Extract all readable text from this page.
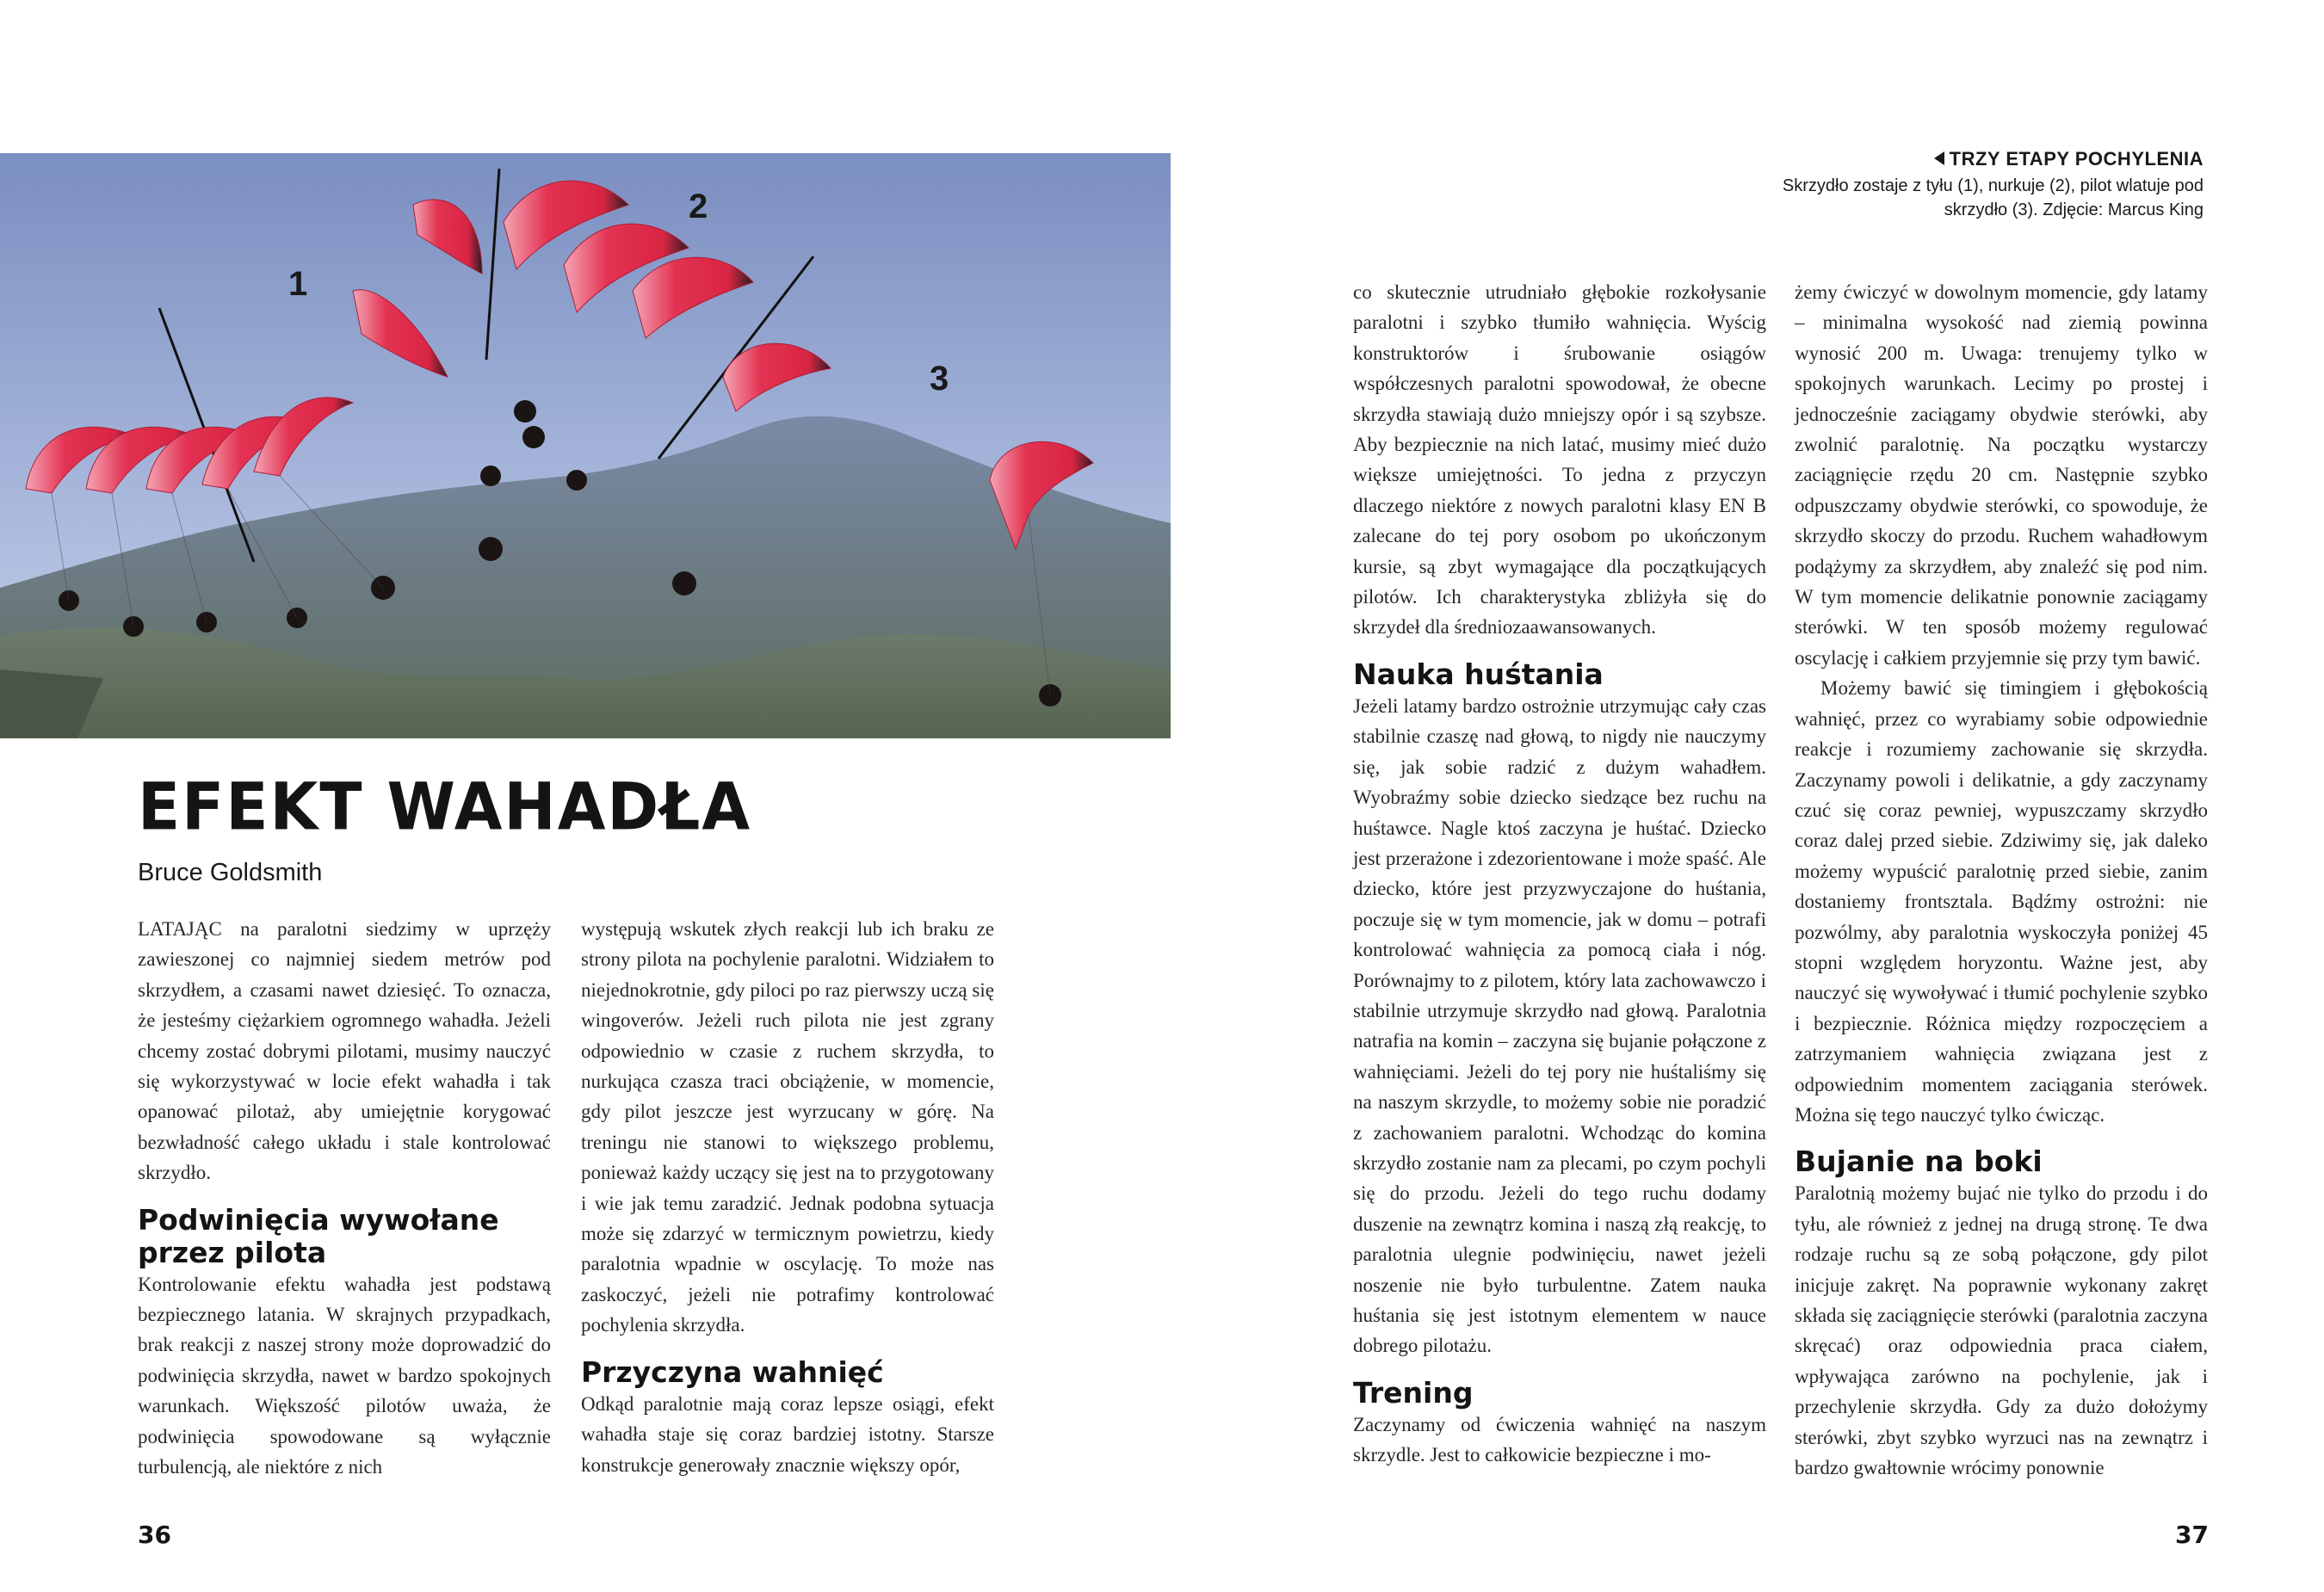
1
2
3
TRZY ETAPY POCHYLENIA
Skrzydło zostaje z tyłu (1), nurkuje (2), pilot wlatuje pod skrzydło (3). Zdjęcie: Marcus King
EFEKT WAHADŁA
Bruce Goldsmith

LATAJĄC na paralotni siedzimy w uprzęży zawieszonej co najmniej siedem metrów pod skrzydłem, a czasami nawet dziesięć. To oznacza, że jesteśmy ciężarkiem ogromnego wahadła. Jeżeli chcemy zostać dobrymi pilotami, musimy nauczyć się wykorzystywać w locie efekt wahadła i tak opanować pilotaż, aby umiejętnie korygować bezwładność całego układu i stale kontrolować skrzydło.

Podwinięcia wywołane przez pilota

Kontrolowanie efektu wahadła jest podstawą bezpiecznego latania. W skrajnych przypadkach, brak reakcji z naszej strony może doprowadzić do podwinięcia skrzydła, nawet w bardzo spokojnych warunkach. Większość pilotów uważa, że podwinięcia spowodowane są wyłącznie turbulencją, ale niektóre z nich

występują wskutek złych reakcji lub ich braku ze strony pilota na pochylenie paralotni. Widziałem to niejednokrotnie, gdy piloci po raz pierwszy uczą się wingoverów. Jeżeli ruch pilota nie jest zgrany odpowiednio w czasie z ruchem skrzydła, to nurkująca czasza traci obciążenie, w momencie, gdy pilot jeszcze jest wyrzucany w górę. Na treningu nie stanowi to większego problemu, ponieważ każdy uczący się jest na to przygotowany i wie jak temu zaradzić. Jednak podobna sytuacja może się zdarzyć w termicznym powietrzu, kiedy paralotnia wpadnie w oscylację. To może nas zaskoczyć, jeżeli nie potrafimy kontrolować pochylenia skrzydła.

Przyczyna wahnięć

Odkąd paralotnie mają coraz lepsze osiągi, efekt wahadła staje się coraz bardziej istotny. Starsze konstrukcje generowały znacznie większy opór,

co skutecznie utrudniało głębokie rozkołysanie paralotni i szybko tłumiło wahnięcia. Wyścig konstruktorów i śrubowanie osiągów współczesnych paralotni spowodował, że obecne skrzydła stawiają dużo mniejszy opór i są szybsze. Aby bezpiecznie na nich latać, musimy mieć dużo większe umiejętności. To jedna z przyczyn dlaczego niektóre z nowych paralotni klasy EN B zalecane do tej pory osobom po ukończonym kursie, są zbyt wymagające dla początkujących pilotów. Ich charakterystyka zbliżyła się do skrzydeł dla średniozaawansowanych.

Nauka huśtania

Jeżeli latamy bardzo ostrożnie utrzymując cały czas stabilnie czaszę nad głową, to nigdy nie nauczymy się, jak sobie radzić z dużym wahadłem. Wyobraźmy sobie dziecko siedzące bez ruchu na huśtawce. Nagle ktoś zaczyna je huśtać. Dziecko jest przerażone i zdezorientowane i może spaść. Ale dziecko, które jest przyzwyczajone do huśtania, poczuje się w tym momencie, jak w domu – potrafi kontrolować wahnięcia za pomocą ciała i nóg. Porównajmy to z pilotem, który lata zachowawczo i stabilnie utrzymuje skrzydło nad głową. Paralotnia natrafia na komin – zaczyna się bujanie połączone z wahnięciami. Jeżeli do tej pory nie huśtaliśmy się na naszym skrzydle, to możemy sobie nie poradzić z zachowaniem paralotni. Wchodząc do komina skrzydło zostanie nam za plecami, po czym pochyli się do przodu. Jeżeli do tego ruchu dodamy duszenie na zewnątrz komina i naszą złą reakcję, to paralotnia ulegnie podwinięciu, nawet jeżeli noszenie nie było turbulentne. Zatem nauka huśtania się jest istotnym elementem w nauce dobrego pilotażu.

Trening

Zaczynamy od ćwiczenia wahnięć na naszym skrzydle. Jest to całkowicie bezpieczne i mo-

żemy ćwiczyć w dowolnym momencie, gdy latamy – minimalna wysokość nad ziemią powinna wynosić 200 m. Uwaga: trenujemy tylko w spokojnych warunkach. Lecimy po prostej i jednocześnie zaciągamy obydwie sterówki, aby zwolnić paralotnię. Na początku wystarczy zaciągnięcie rzędu 20 cm. Następnie szybko odpuszczamy obydwie sterówki, co spowoduje, że skrzydło skoczy do przodu. Ruchem wahadłowym podążymy za skrzydłem, aby znaleźć się pod nim. W tym momencie delikatnie ponownie zaciągamy sterówki. W ten sposób możemy regulować oscylację i całkiem przyjemnie się przy tym bawić.

Możemy bawić się timingiem i głębokością wahnięć, przez co wyrabiamy sobie odpowiednie reakcje i rozumiemy zachowanie się skrzydła. Zaczynamy powoli i delikatnie, a gdy zaczynamy czuć się coraz pewniej, wypuszczamy skrzydło coraz dalej przed siebie. Zdziwimy się, jak daleko możemy wypuścić paralotnię przed siebie, zanim dostaniemy frontsztala. Bądźmy ostrożni: nie pozwólmy, aby paralotnia wyskoczyła poniżej 45 stopni względem horyzontu. Ważne jest, aby nauczyć się wywoływać i tłumić pochylenie szybko i bezpiecznie. Różnica między rozpoczęciem a zatrzymaniem wahnięcia związana jest z odpowiednim momentem zaciągania sterówek. Można się tego nauczyć tylko ćwicząc.

Bujanie na boki

Paralotnią możemy bujać nie tylko do przodu i do tyłu, ale również z jednej na drugą stronę. Te dwa rodzaje ruchu są ze sobą połączone, gdy pilot inicjuje zakręt. Na poprawnie wykonany zakręt składa się zaciągnięcie sterówki (paralotnia zaczyna skręcać) oraz odpowiednia praca ciałem, wpływająca zarówno na pochylenie, jak i przechylenie skrzydła. Gdy za dużo dołożymy sterówki, zbyt szybko wyrzuci nas na zewnątrz i bardzo gwałtownie wrócimy ponownie

36	37
